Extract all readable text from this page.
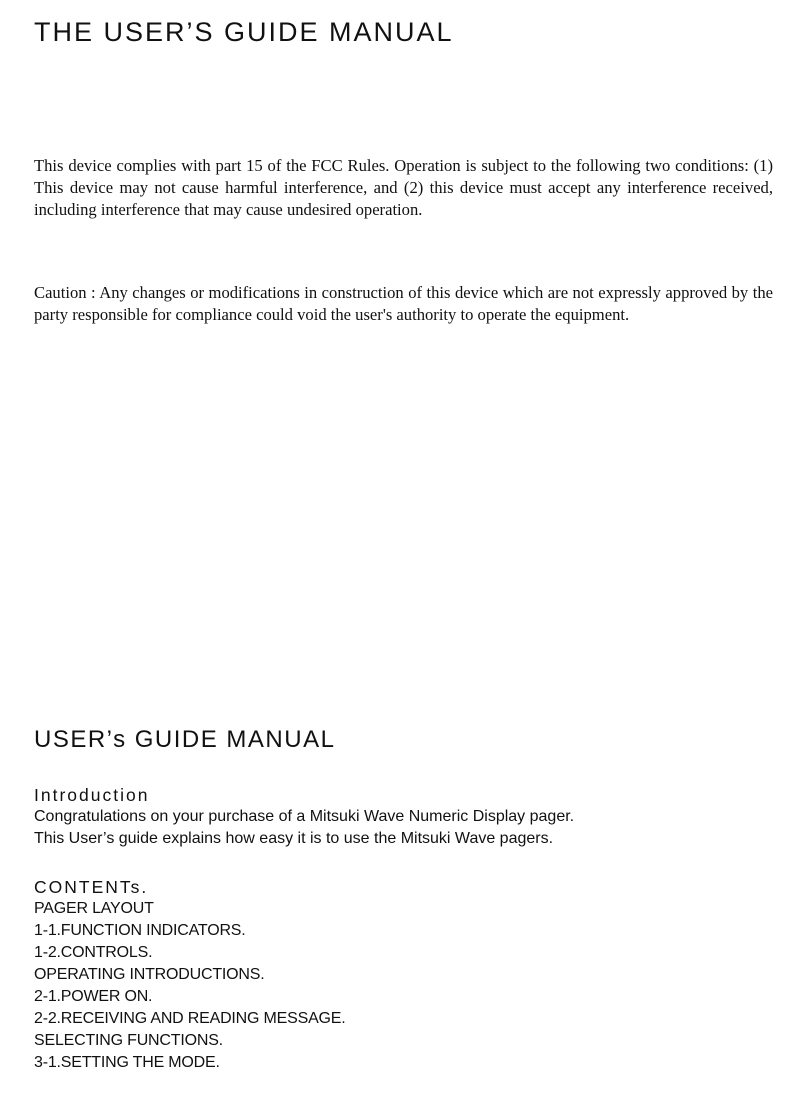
THE USER’S GUIDE MANUAL

This device complies with part 15 of the FCC Rules. Operation is subject to the following two conditions: (1) This device may not cause harmful interference, and (2) this device must accept any interference received, including interference that may cause undesired operation.

Caution : Any changes or modifications in construction of this device which are not expressly approved by the party responsible for compliance could void the user's authority to operate the equipment.

USER’s GUIDE MANUAL
Introduction
Congratulations on your purchase of a Mitsuki Wave Numeric Display pager.
This User’s guide explains how easy it is to use the Mitsuki Wave pagers.
CONTENTs.
PAGER LAYOUT
1-1.FUNCTION INDICATORS.
1-2.CONTROLS.
OPERATING INTRODUCTIONS.
2-1.POWER ON.
2-2.RECEIVING AND READING MESSAGE.
SELECTING FUNCTIONS.
3-1.SETTING THE MODE.
